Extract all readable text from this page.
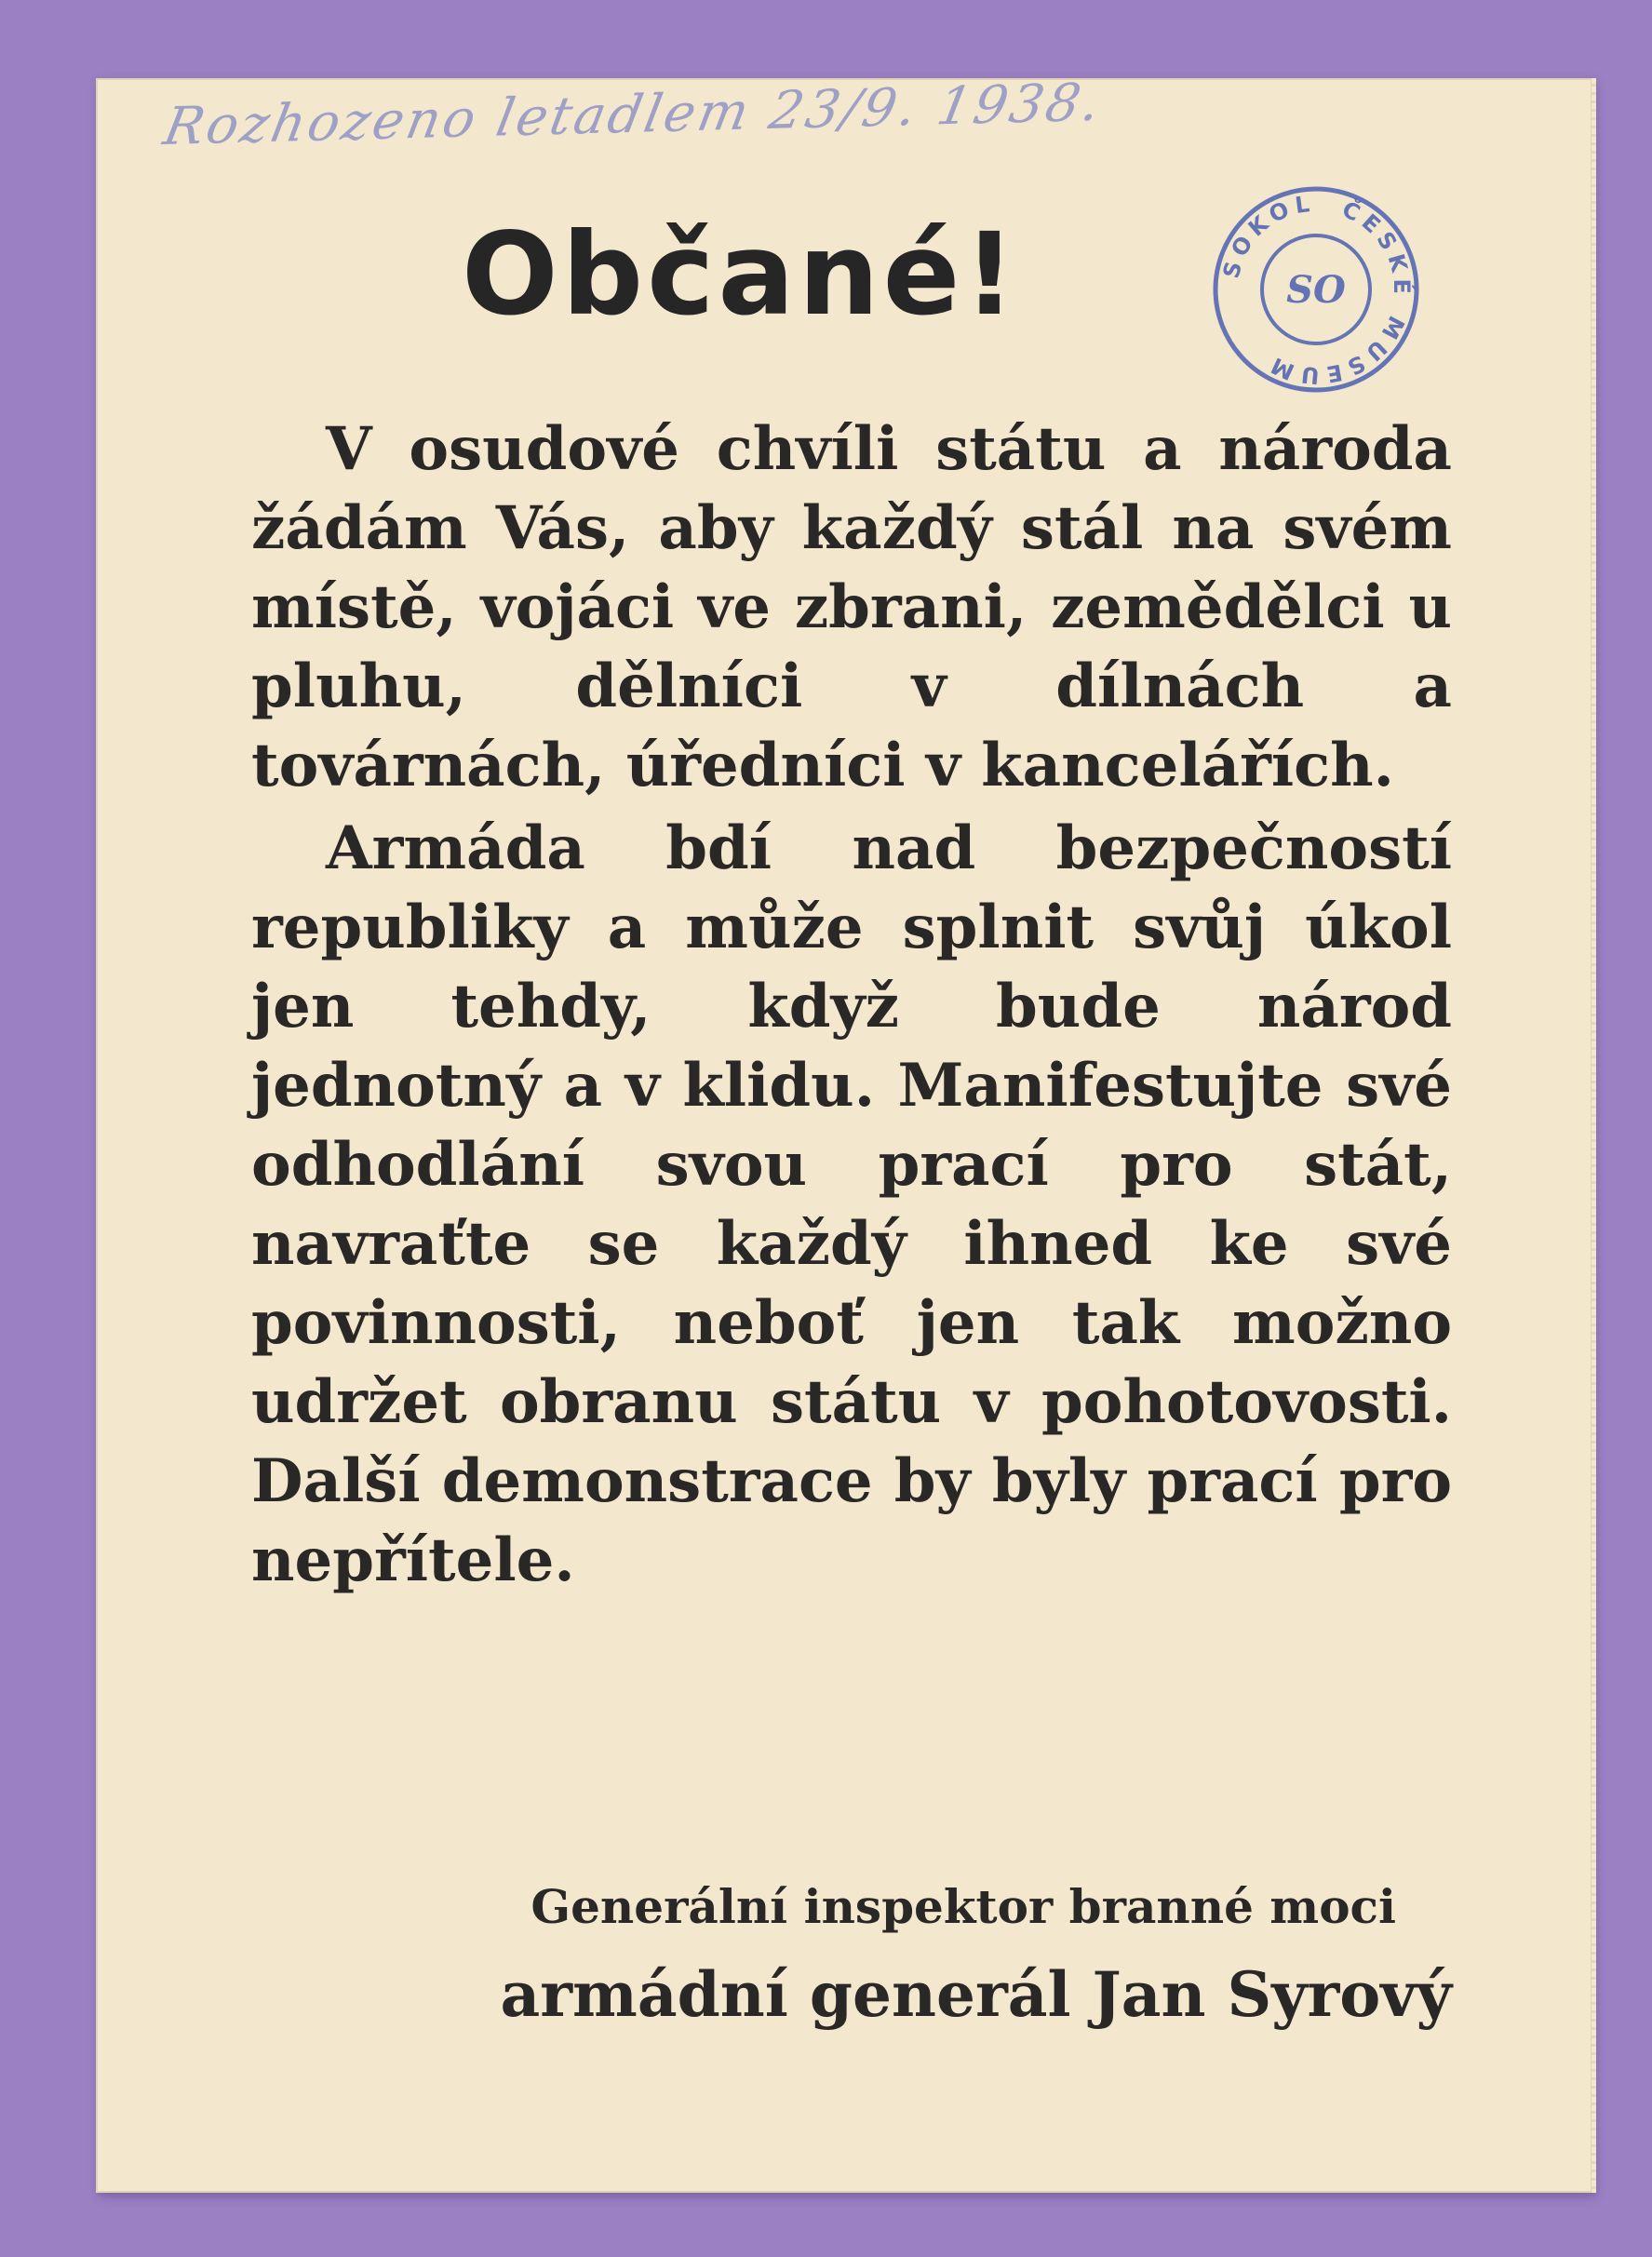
Rozhozeno letadlem 23/9. 1938.
SOKOL ČESKÉ
MUSEUM
SO
Občané!

V osudové chvíli státu a národa žádám Vás, aby každý stál na svém místě, vojáci ve zbrani, zemědělci u pluhu, dělníci v dílnách a továrnách, úředníci v kancelářích.

Armáda bdí nad bezpečností republiky a může splnit svůj úkol jen tehdy, když bude národ jednotný a v klidu. Manifestujte své odhodlání svou prací pro stát, navraťte se každý ihned ke své povinnosti, neboť jen tak možno udržet obranu státu v pohotovosti. Další demonstrace by byly prací pro nepřítele.

Generální inspektor branné moci
armádní generál Jan Syrový
